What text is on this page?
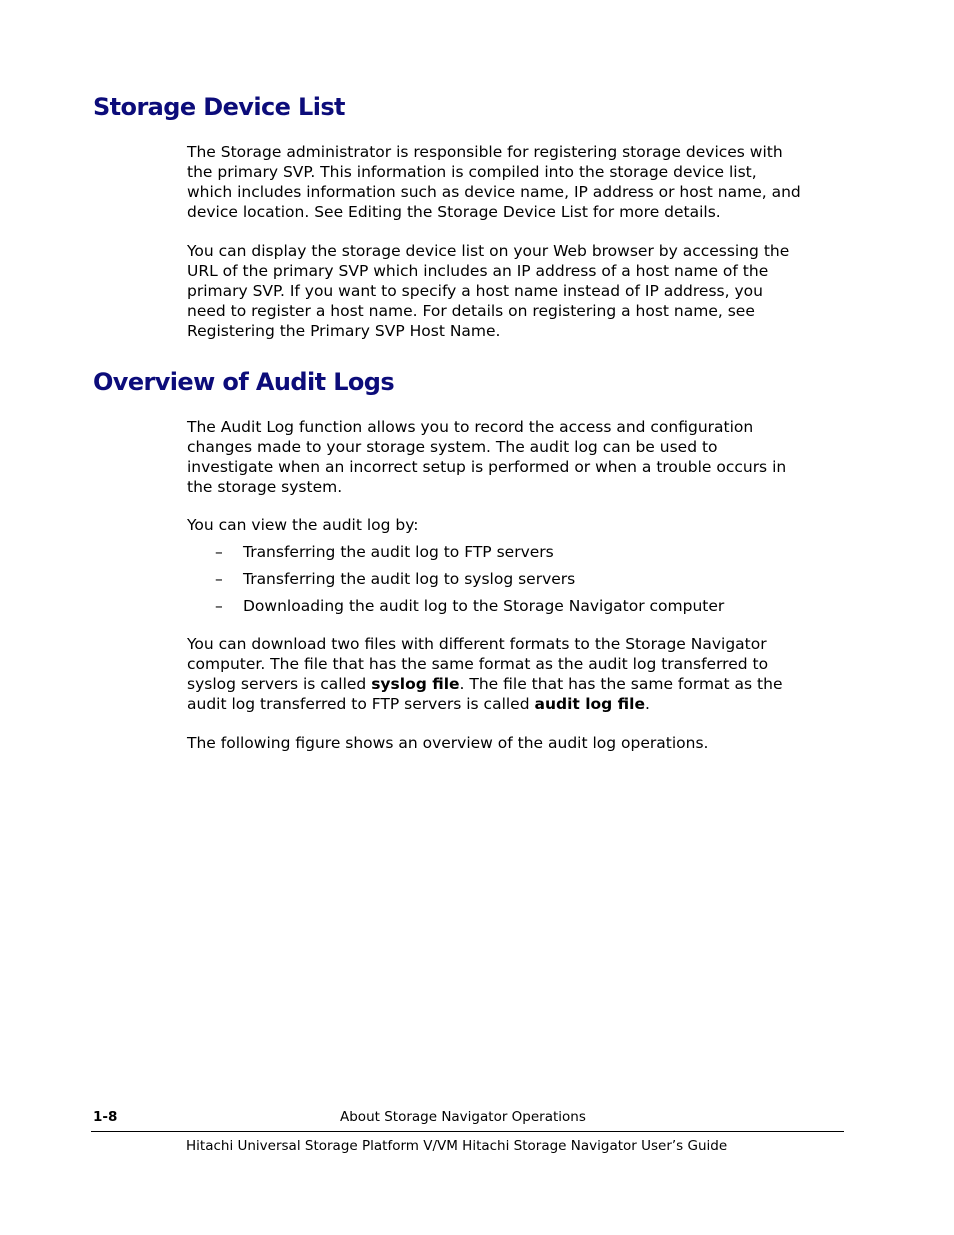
Storage Device List

The Storage administrator is responsible for registering storage devices with
the primary SVP. This information is compiled into the storage device list,
which includes information such as device name, IP address or host name, and
device location. See Editing the Storage Device List for more details.

You can display the storage device list on your Web browser by accessing the
URL of the primary SVP which includes an IP address of a host name of the
primary SVP. If you want to specify a host name instead of IP address, you
need to register a host name. For details on registering a host name, see
Registering the Primary SVP Host Name.

Overview of Audit Logs

The Audit Log function allows you to record the access and configuration
changes made to your storage system. The audit log can be used to
investigate when an incorrect setup is performed or when a trouble occurs in
the storage system.

You can view the audit log by:

– Transferring the audit log to FTP servers
– Transferring the audit log to syslog servers
– Downloading the audit log to the Storage Navigator computer

You can download two files with different formats to the Storage Navigator
computer. The file that has the same format as the audit log transferred to
syslog servers is called syslog file. The file that has the same format as the
audit log transferred to FTP servers is called audit log file.

The following figure shows an overview of the audit log operations.

1-8	About Storage Navigator Operations
Hitachi Universal Storage Platform V/VM Hitachi Storage Navigator User’s Guide
